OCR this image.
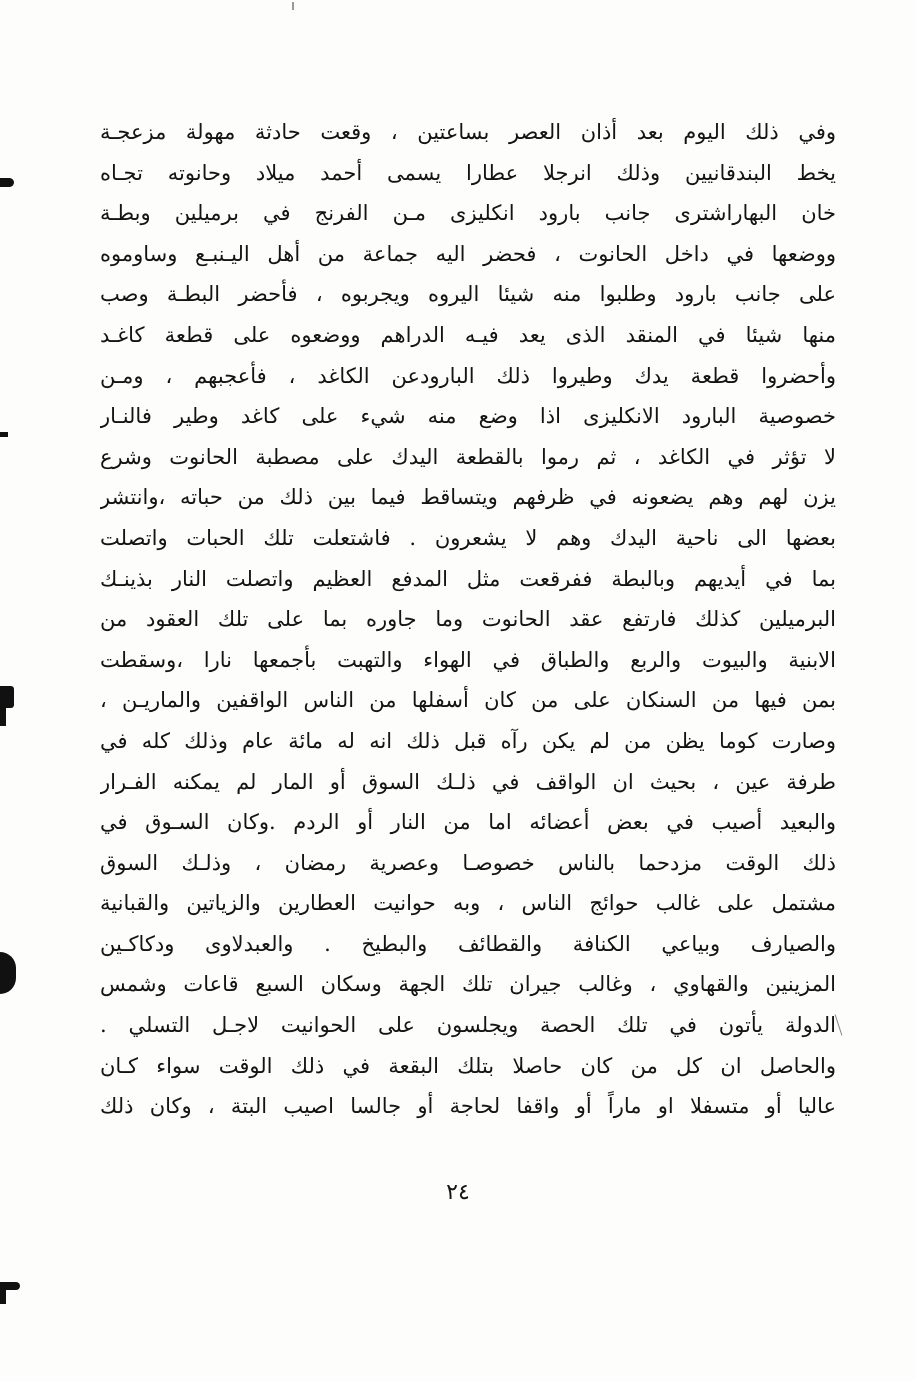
وفي ذلك اليوم بعد أذان العصر بساعتين ، وقعت حادثة مهولة مزعجـة
يخط البندقانيين وذلك انرجلا عطارا يسمى أحمد ميلاد وحانوته تجـاه
خان البهاراشترى جانب بارود انكليزى مـن الفرنج في برميلين وبطـة
ووضعها في داخل الحانوت ، فحضر اليه جماعة من أهل اليـنبـع وساوموه
على جانب بارود وطلبوا منه شيئا اليروه ويجربوه ، فأحضر البطـة وصب
منها شيئا في المنقد الذى يعد فيـه الدراهم ووضعوه على قطعة كاغـد
وأحضروا قطعة يدك وطيروا ذلك البارودعن الكاغد ، فأعجبهم ، ومـن
خصوصية البارود الانكليزى اذا وضع منه شيء على كاغد وطير فالنـار
لا تؤثر في الكاغد ، ثم رموا بالقطعة اليدك على مصطبة الحانوت وشرع
يزن لهم وهم يضعونه في ظرفهم ويتساقط فيما بين ذلك من حباته ،وانتشر
بعضها الى ناحية اليدك وهم لا يشعرون . فاشتعلت تلك الحبات واتصلت
بما في أيديهم وبالبطة ففرقعت مثل المدفع العظيم واتصلت النار بذينـك
البرميلين كذلك فارتفع عقد الحانوت وما جاوره بما على تلك العقود من
الابنية والبيوت والربع والطباق في الهواء والتهبت بأجمعها نارا ،وسقطت
بمن فيها من السنكان على من كان أسفلها من الناس الواقفين والماريـن ،
وصارت كوما يظن من لم يكن رآه قبل ذلك انه له مائة عام وذلك كله في
طرفة عين ، بحيث ان الواقف في ذلـك السوق أو المار لم يمكنه الفـرار
والبعيد أصيب في بعض أعضائه اما من النار أو الردم .وكان السـوق في
ذلك الوقت مزدحما بالناس خصوصـا وعصرية رمضان ، وذلـك السوق
مشتمل على غالب حوائج الناس ، وبه حوانيت العطارين والزياتين والقبانية
والصيارف وبياعي الكنافة والقطائف والبطيخ . والعبدلاوى ودكاكـين
المزينين والقهاوي ، وغالب جيران تلك الجهة وسكان السبع قاعات وشمس
الدولة يأتون في تلك الحصة ويجلسون على الحوانيت لاجـل التسلي .
والحاصل ان كل من كان حاصلا بتلك البقعة في ذلك الوقت سواء كـان
عاليا أو متسفلا او ماراً أو واقفا لحاجة أو جالسا اصيب البتة ، وكان ذلك
٢٤
